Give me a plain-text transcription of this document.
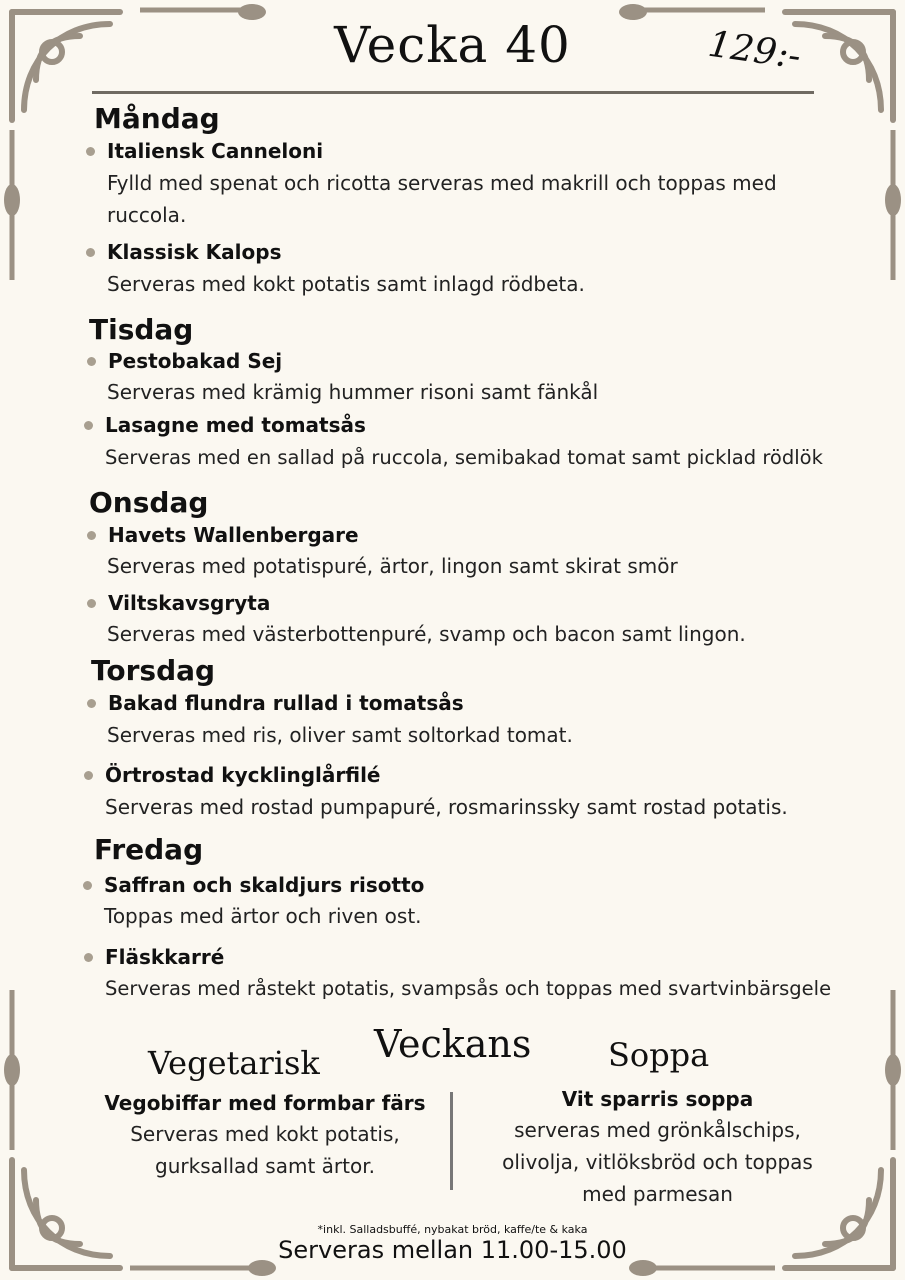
Vecka 40	129:-
Måndag
Italiensk Canneloni
Fylld med spenat och ricotta serveras med makrill och toppas med ruccola.
Klassisk Kalops
Serveras med kokt potatis samt inlagd rödbeta.
Tisdag
Pestobakad Sej
Serveras med krämig hummer risoni samt fänkål
Lasagne med tomatsås
Serveras med en sallad på ruccola, semibakad tomat samt picklad rödlök
Onsdag
Havets Wallenbergare
Serveras med potatispuré, ärtor, lingon samt skirat smör
Viltskavsgryta
Serveras med västerbottenpuré, svamp och bacon samt lingon.
Torsdag
Bakad flundra rullad i tomatsås
Serveras med ris, oliver samt soltorkad tomat.
Örtrostad kycklinglårfilé
Serveras med rostad pumpapuré, rosmarinssky samt rostad potatis.
Fredag
Saffran och skaldjurs risotto
Toppas med ärtor och riven ost.
Fläskkarré
Serveras med råstekt potatis, svampsås och toppas med svartvinbärsgele
Vegetarisk Veckans Soppa
Vegobiffar med formbar färs
Serveras med kokt potatis,
gurksallad samt ärtor.
Vit sparris soppa
serveras med grönkålschips,
olivolja, vitlöksbröd och toppas
med parmesan
*inkl. Salladsbuffé, nybakat bröd, kaffe/te & kaka
Serveras mellan 11.00-15.00
